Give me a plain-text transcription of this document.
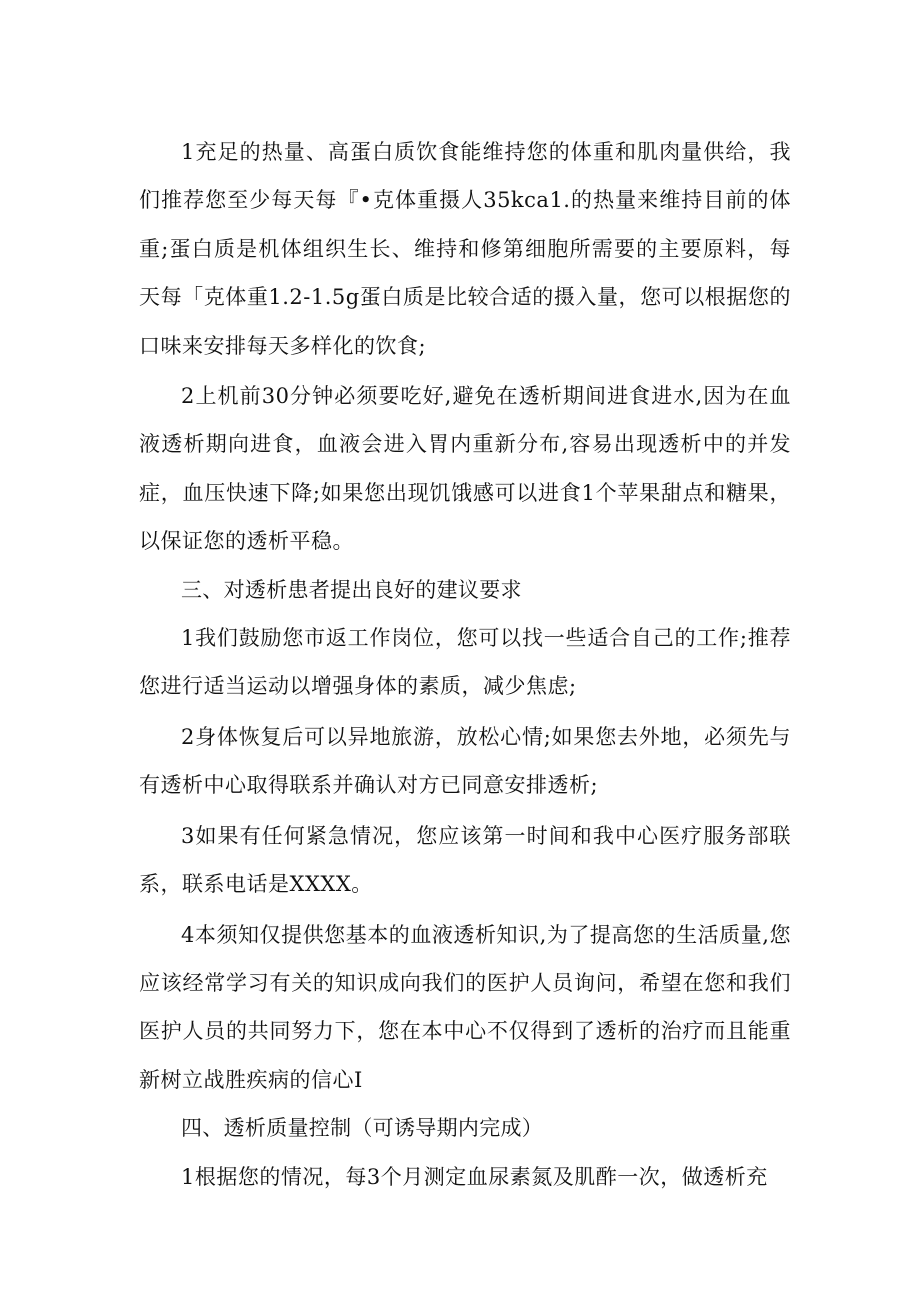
1充足的热量、高蛋白质饮食能维持您的体重和肌肉量供给，我们推荐您至少每天每『•克体重摄人35kca1.的热量来维持目前的体重;蛋白质是机体组织生长、维持和修第细胞所需要的主要原料，每天每「克体重1.2-1.5g蛋白质是比较合适的摄入量，您可以根据您的口味来安排每天多样化的饮食;

2上机前30分钟必须要吃好,避免在透析期间进食进水,因为在血液透析期向进食，血液会进入胃内重新分布,容易出现透析中的并发症，血压快速下降;如果您出现饥饿感可以进食1个苹果甜点和糖果，以保证您的透析平稳。

三、对透析患者提出良好的建议要求

1我们鼓励您市返工作岗位，您可以找一些适合自己的工作;推荐您进行适当运动以增强身体的素质，减少焦虑;

2身体恢复后可以异地旅游，放松心情;如果您去外地，必须先与有透析中心取得联系并确认对方已同意安排透析;

3如果有任何紧急情况，您应该第一时间和我中心医疗服务部联系，联系电话是XXXX。

4本须知仅提供您基本的血液透析知识,为了提高您的生活质量,您应该经常学习有关的知识成向我们的医护人员询问，希望在您和我们医护人员的共同努力下，您在本中心不仅得到了透析的治疗而且能重新树立战胜疾病的信心I

四、透析质量控制（可诱导期内完成）

1根据您的情况，每3个月测定血尿素氮及肌酢一次，做透析充
